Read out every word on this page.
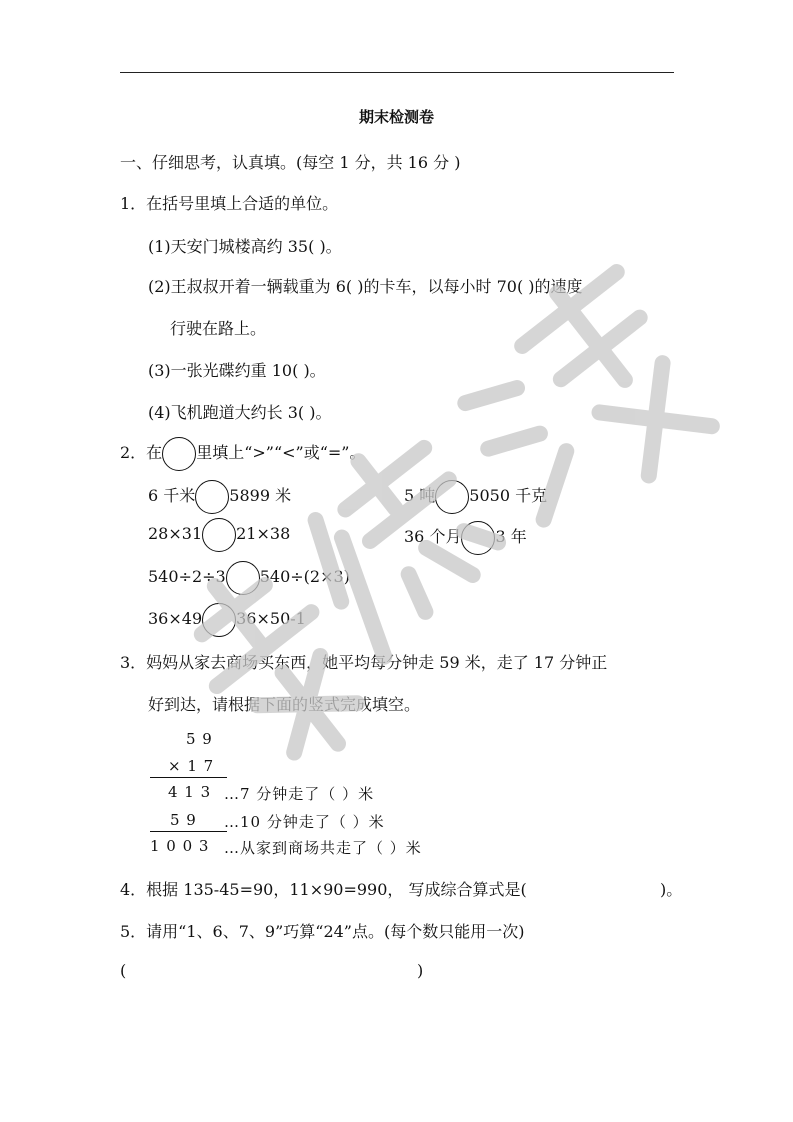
期末检测卷
一、仔细思考，认真填。(每空 1 分，共 16 分 )
1．在括号里填上合适的单位。
(1)天安门城楼高约 35( )。
(2)王叔叔开着一辆载重为 6( )的卡车，以每小时 70( )的速度
行驶在路上。
(3)一张光碟约重 10( )。
(4)飞机跑道大约长 3( )。
2．在 里填上“>”“<”或“=”。
6 千米 5899 米	5 吨 5050 千克
28×31 21×38	36 个月 3 年
540÷2÷3 540÷(2×3)
36×49 36×50-1
3．妈妈从家去商场买东西，她平均每分钟走 59 米，走了 17 分钟正
好到达，请根据下面的竖式完成填空。
5 9
× 1 7
4 1 3 …7 分钟走了（ ）米
5 9 …10 分钟走了（ ）米
1 0 0 3 …从家到商场共走了（ ）米
4．根据 135-45=90，11×90=990， 写成综合算式是(	)。
5．请用“1、6、7、9”巧算“24”点。(每个数只能用一次)
(	)
